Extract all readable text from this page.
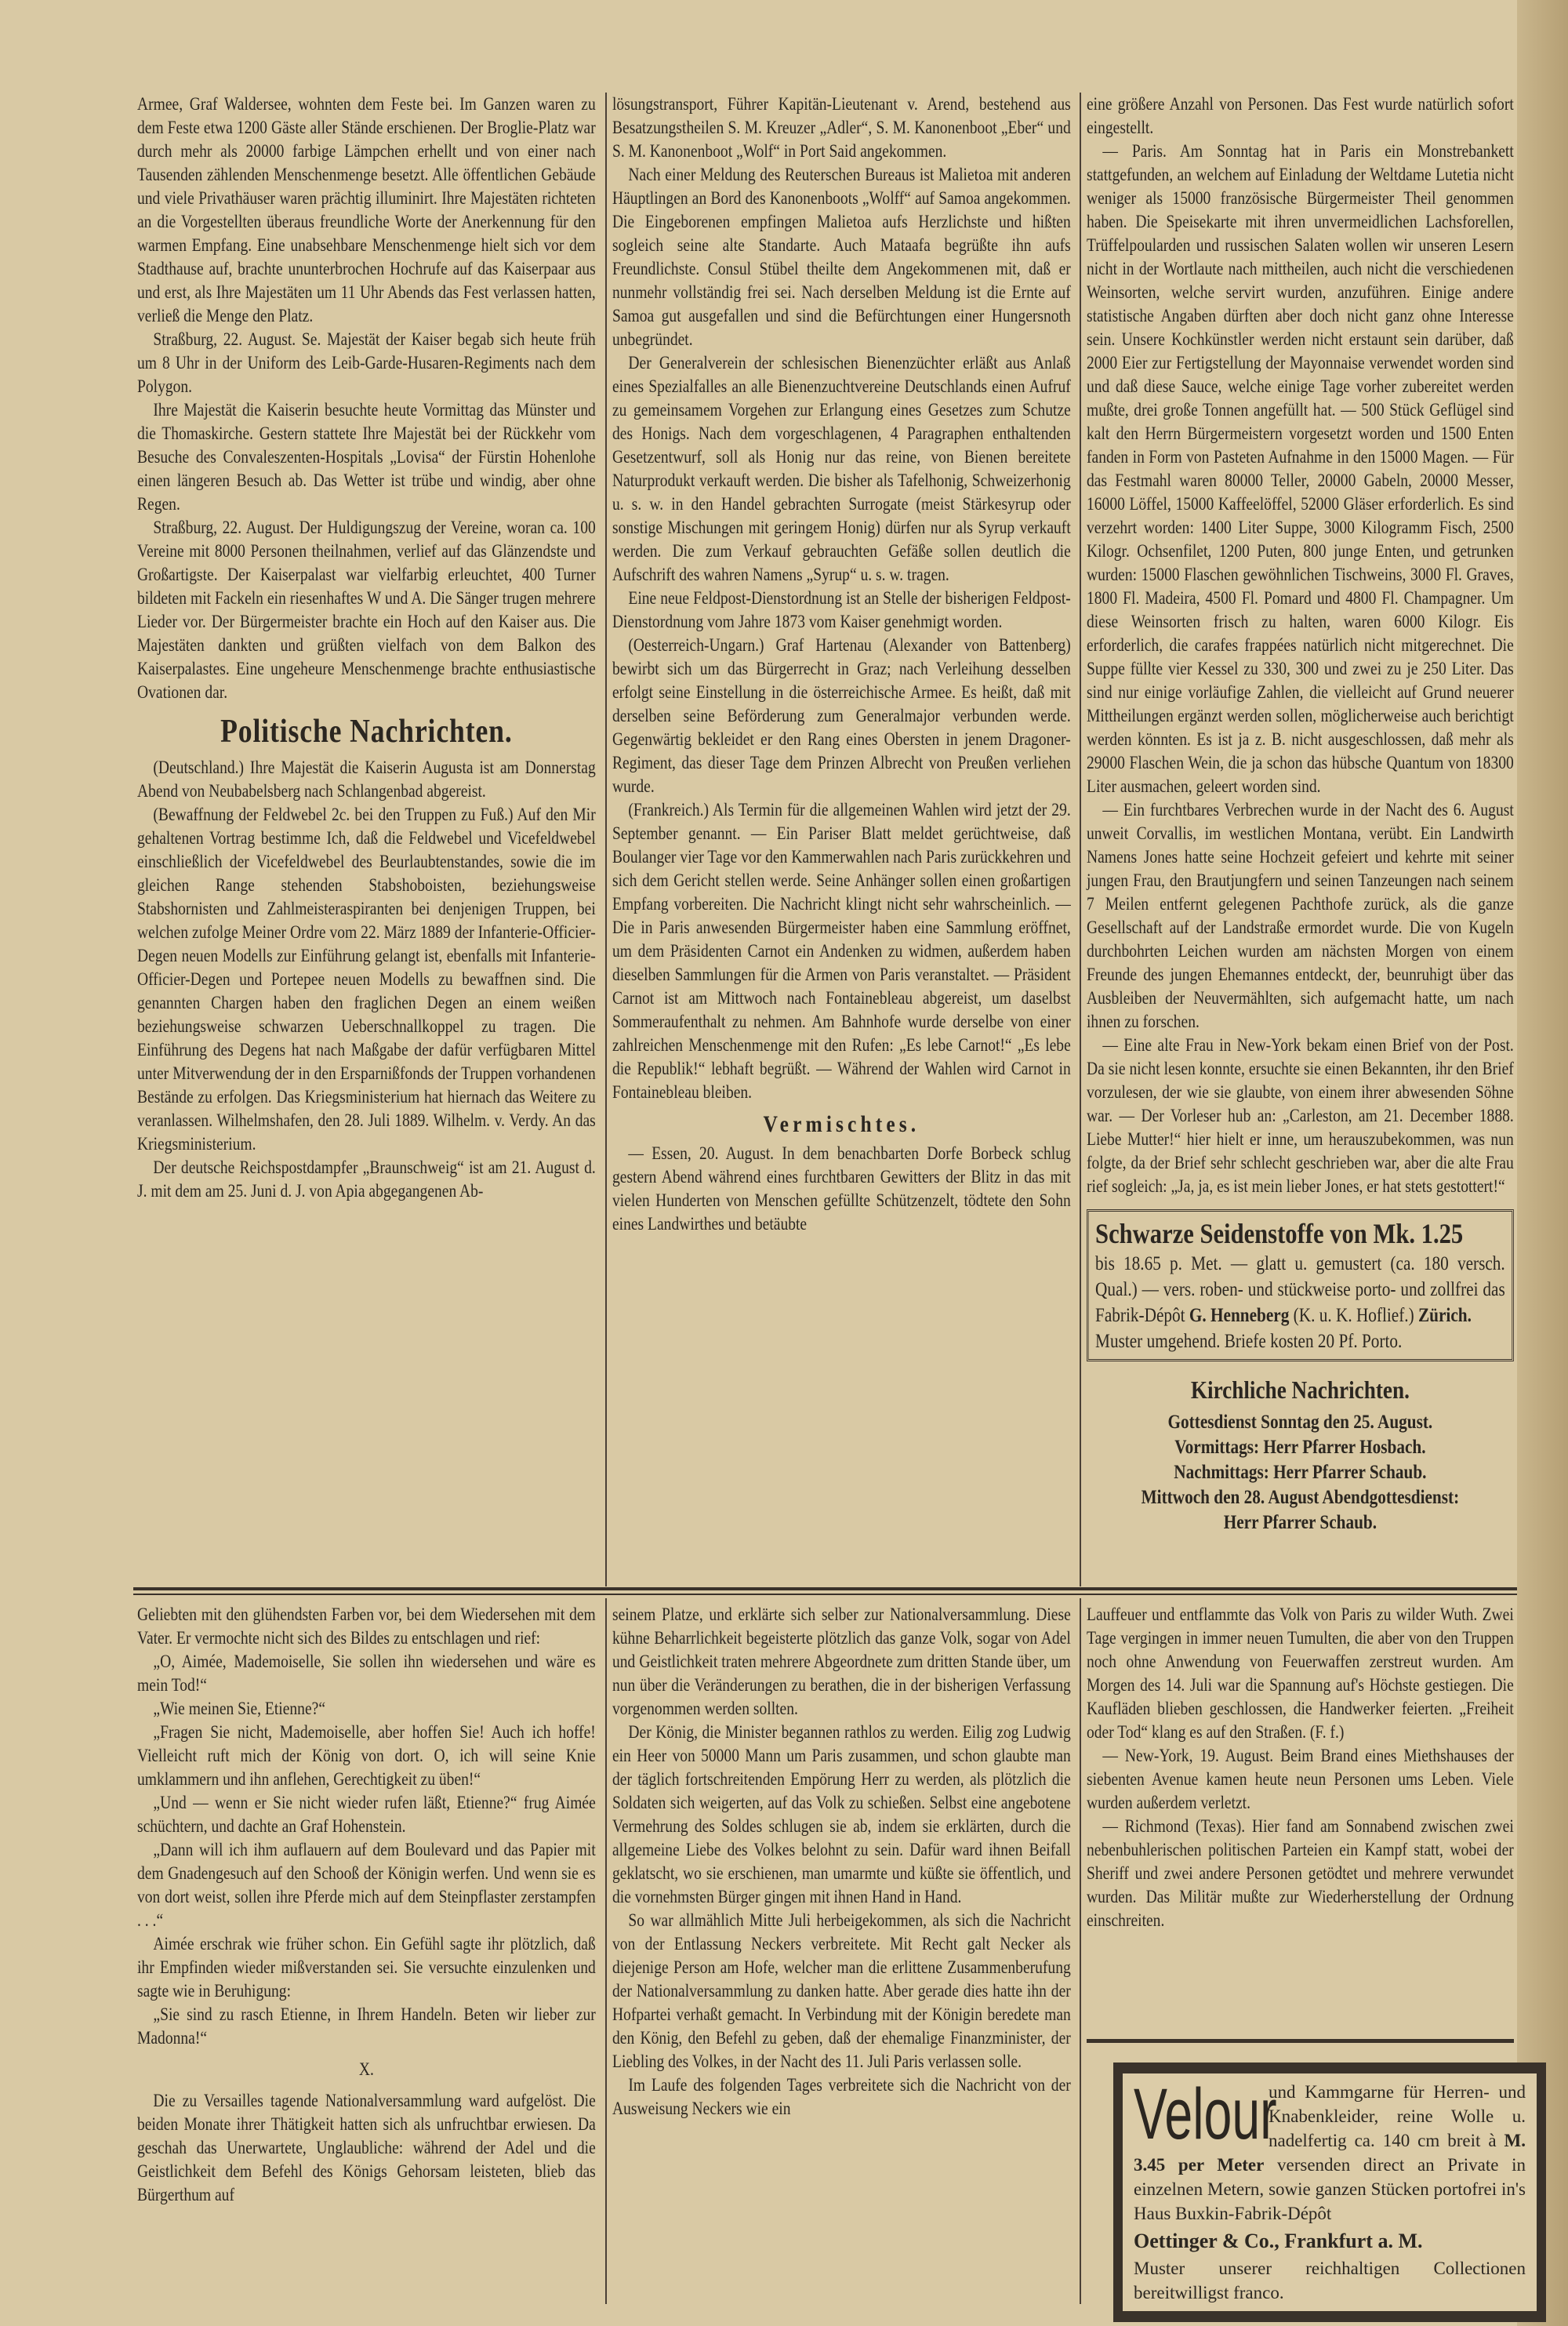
Armee, Graf Waldersee, wohnten dem Feste bei. Im Ganzen waren zu dem Feste etwa 1200 Gäste aller Stände erschienen. Der Broglie-Platz war durch mehr als 20000 farbige Lämpchen erhellt und von einer nach Tausenden zählenden Menschenmenge besetzt. Alle öffentlichen Gebäude und viele Privathäuser waren prächtig illuminirt. Ihre Majestäten richteten an die Vorgestellten überaus freundliche Worte der Anerkennung für den warmen Empfang. Eine unabsehbare Menschenmenge hielt sich vor dem Stadthause auf, brachte ununterbrochen Hochrufe auf das Kaiserpaar aus und erst, als Ihre Majestäten um 11 Uhr Abends das Fest verlassen hatten, verließ die Menge den Platz.

Straßburg, 22. August. Se. Majestät der Kaiser begab sich heute früh um 8 Uhr in der Uniform des Leib-Garde-Husaren-Regiments nach dem Polygon.

Ihre Majestät die Kaiserin besuchte heute Vormittag das Münster und die Thomaskirche. Gestern stattete Ihre Majestät bei der Rückkehr vom Besuche des Convaleszenten-Hospitals „Lovisa“ der Fürstin Hohenlohe einen längeren Besuch ab. Das Wetter ist trübe und windig, aber ohne Regen.

Straßburg, 22. August. Der Huldigungszug der Vereine, woran ca. 100 Vereine mit 8000 Personen theilnahmen, verlief auf das Glänzendste und Großartigste. Der Kaiserpalast war vielfarbig erleuchtet, 400 Turner bildeten mit Fackeln ein riesenhaftes W und A. Die Sänger trugen mehrere Lieder vor. Der Bürgermeister brachte ein Hoch auf den Kaiser aus. Die Majestäten dankten und grüßten vielfach von dem Balkon des Kaiserpalastes. Eine ungeheure Menschenmenge brachte enthusiastische Ovationen dar.

Politische Nachrichten.

(Deutschland.) Ihre Majestät die Kaiserin Augusta ist am Donnerstag Abend von Neubabelsberg nach Schlangenbad abgereist.

(Bewaffnung der Feldwebel 2c. bei den Truppen zu Fuß.) Auf den Mir gehaltenen Vortrag bestimme Ich, daß die Feldwebel und Vicefeldwebel einschließlich der Vicefeldwebel des Beurlaubtenstandes, sowie die im gleichen Range stehenden Stabshoboisten, beziehungsweise Stabshornisten und Zahlmeisteraspiranten bei denjenigen Truppen, bei welchen zufolge Meiner Ordre vom 22. März 1889 der Infanterie-Officier-Degen neuen Modells zur Einführung gelangt ist, ebenfalls mit Infanterie-Officier-Degen und Portepee neuen Modells zu bewaffnen sind. Die genannten Chargen haben den fraglichen Degen an einem weißen beziehungsweise schwarzen Ueberschnallkoppel zu tragen. Die Einführung des Degens hat nach Maßgabe der dafür verfügbaren Mittel unter Mitverwendung der in den Ersparnißfonds der Truppen vorhandenen Bestände zu erfolgen. Das Kriegsministerium hat hiernach das Weitere zu veranlassen. Wilhelmshafen, den 28. Juli 1889. Wilhelm. v. Verdy. An das Kriegsministerium.

Der deutsche Reichspostdampfer „Braunschweig“ ist am 21. August d. J. mit dem am 25. Juni d. J. von Apia abgegangenen Ab-

lösungstransport, Führer Kapitän-Lieutenant v. Arend, bestehend aus Besatzungstheilen S. M. Kreuzer „Adler“, S. M. Kanonenboot „Eber“ und S. M. Kanonenboot „Wolf“ in Port Said angekommen.

Nach einer Meldung des Reuterschen Bureaus ist Malietoa mit anderen Häuptlingen an Bord des Kanonenboots „Wolff“ auf Samoa angekommen. Die Eingeborenen empfingen Malietoa aufs Herzlichste und hißten sogleich seine alte Standarte. Auch Mataafa begrüßte ihn aufs Freundlichste. Consul Stübel theilte dem Angekommenen mit, daß er nunmehr vollständig frei sei. Nach derselben Meldung ist die Ernte auf Samoa gut ausgefallen und sind die Befürchtungen einer Hungersnoth unbegründet.

Der Generalverein der schlesischen Bienenzüchter erläßt aus Anlaß eines Spezialfalles an alle Bienenzuchtvereine Deutschlands einen Aufruf zu gemeinsamem Vorgehen zur Erlangung eines Gesetzes zum Schutze des Honigs. Nach dem vorgeschlagenen, 4 Paragraphen enthaltenden Gesetzentwurf, soll als Honig nur das reine, von Bienen bereitete Naturprodukt verkauft werden. Die bisher als Tafelhonig, Schweizerhonig u. s. w. in den Handel gebrachten Surrogate (meist Stärkesyrup oder sonstige Mischungen mit geringem Honig) dürfen nur als Syrup verkauft werden. Die zum Verkauf gebrauchten Gefäße sollen deutlich die Aufschrift des wahren Namens „Syrup“ u. s. w. tragen.

Eine neue Feldpost-Dienstordnung ist an Stelle der bisherigen Feldpost-Dienstordnung vom Jahre 1873 vom Kaiser genehmigt worden.

(Oesterreich-Ungarn.) Graf Hartenau (Alexander von Battenberg) bewirbt sich um das Bürgerrecht in Graz; nach Verleihung desselben erfolgt seine Einstellung in die österreichische Armee. Es heißt, daß mit derselben seine Beförderung zum Generalmajor verbunden werde. Gegenwärtig bekleidet er den Rang eines Obersten in jenem Dragoner-Regiment, das dieser Tage dem Prinzen Albrecht von Preußen verliehen wurde.

(Frankreich.) Als Termin für die allgemeinen Wahlen wird jetzt der 29. September genannt. — Ein Pariser Blatt meldet gerüchtweise, daß Boulanger vier Tage vor den Kammerwahlen nach Paris zurückkehren und sich dem Gericht stellen werde. Seine Anhänger sollen einen großartigen Empfang vorbereiten. Die Nachricht klingt nicht sehr wahrscheinlich. — Die in Paris anwesenden Bürgermeister haben eine Sammlung eröffnet, um dem Präsidenten Carnot ein Andenken zu widmen, außerdem haben dieselben Sammlungen für die Armen von Paris veranstaltet. — Präsident Carnot ist am Mittwoch nach Fontainebleau abgereist, um daselbst Sommeraufenthalt zu nehmen. Am Bahnhofe wurde derselbe von einer zahlreichen Menschenmenge mit den Rufen: „Es lebe Carnot!“ „Es lebe die Republik!“ lebhaft begrüßt. — Während der Wahlen wird Carnot in Fontainebleau bleiben.

Vermischtes.

— Essen, 20. August. In dem benachbarten Dorfe Borbeck schlug gestern Abend während eines furchtbaren Gewitters der Blitz in das mit vielen Hunderten von Menschen gefüllte Schützenzelt, tödtete den Sohn eines Landwirthes und betäubte

eine größere Anzahl von Personen. Das Fest wurde natürlich sofort eingestellt.

— Paris. Am Sonntag hat in Paris ein Monstrebankett stattgefunden, an welchem auf Einladung der Weltdame Lutetia nicht weniger als 15000 französische Bürgermeister Theil genommen haben. Die Speisekarte mit ihren unvermeidlichen Lachsforellen, Trüffelpoularden und russischen Salaten wollen wir unseren Lesern nicht in der Wortlaute nach mittheilen, auch nicht die verschiedenen Weinsorten, welche servirt wurden, anzuführen. Einige andere statistische Angaben dürften aber doch nicht ganz ohne Interesse sein. Unsere Kochkünstler werden nicht erstaunt sein darüber, daß 2000 Eier zur Fertigstellung der Mayonnaise verwendet worden sind und daß diese Sauce, welche einige Tage vorher zubereitet werden mußte, drei große Tonnen angefüllt hat. — 500 Stück Geflügel sind kalt den Herrn Bürgermeistern vorgesetzt worden und 1500 Enten fanden in Form von Pasteten Aufnahme in den 15000 Magen. — Für das Festmahl waren 80000 Teller, 20000 Gabeln, 20000 Messer, 16000 Löffel, 15000 Kaffeelöffel, 52000 Gläser erforderlich. Es sind verzehrt worden: 1400 Liter Suppe, 3000 Kilogramm Fisch, 2500 Kilogr. Ochsenfilet, 1200 Puten, 800 junge Enten, und getrunken wurden: 15000 Flaschen gewöhnlichen Tischweins, 3000 Fl. Graves, 1800 Fl. Madeira, 4500 Fl. Pomard und 4800 Fl. Champagner. Um diese Weinsorten frisch zu halten, waren 6000 Kilogr. Eis erforderlich, die carafes frappées natürlich nicht mitgerechnet. Die Suppe füllte vier Kessel zu 330, 300 und zwei zu je 250 Liter. Das sind nur einige vorläufige Zahlen, die vielleicht auf Grund neuerer Mittheilungen ergänzt werden sollen, möglicherweise auch berichtigt werden könnten. Es ist ja z. B. nicht ausgeschlossen, daß mehr als 29000 Flaschen Wein, die ja schon das hübsche Quantum von 18300 Liter ausmachen, geleert worden sind.

— Ein furchtbares Verbrechen wurde in der Nacht des 6. August unweit Corvallis, im westlichen Montana, verübt. Ein Landwirth Namens Jones hatte seine Hochzeit gefeiert und kehrte mit seiner jungen Frau, den Brautjungfern und seinen Tanzeungen nach seinem 7 Meilen entfernt gelegenen Pachthofe zurück, als die ganze Gesellschaft auf der Landstraße ermordet wurde. Die von Kugeln durchbohrten Leichen wurden am nächsten Morgen von einem Freunde des jungen Ehemannes entdeckt, der, beunruhigt über das Ausbleiben der Neuvermählten, sich aufgemacht hatte, um nach ihnen zu forschen.

— Eine alte Frau in New-York bekam einen Brief von der Post. Da sie nicht lesen konnte, ersuchte sie einen Bekannten, ihr den Brief vorzulesen, der wie sie glaubte, von einem ihrer abwesenden Söhne war. — Der Vorleser hub an: „Carleston, am 21. December 1888. Liebe Mutter!“ hier hielt er inne, um herauszubekommen, was nun folgte, da der Brief sehr schlecht geschrieben war, aber die alte Frau rief sogleich: „Ja, ja, es ist mein lieber Jones, er hat stets gestottert!“

Schwarze Seidenstoffe von Mk. 1.25
bis 18.65 p. Met. — glatt u. gemustert (ca. 180 versch. Qual.) — vers. roben- und stückweise porto- und zollfrei das Fabrik-Dépôt G. Henneberg (K. u. K. Hoflief.) Zürich.
Muster umgehend. Briefe kosten 20 Pf. Porto.
Kirchliche Nachrichten.
Gottesdienst Sonntag den 25. August.
Vormittags: Herr Pfarrer Hosbach.
Nachmittags: Herr Pfarrer Schaub.
Mittwoch den 28. August Abendgottesdienst:
Herr Pfarrer Schaub.

Geliebten mit den glühendsten Farben vor, bei dem Wiedersehen mit dem Vater. Er vermochte nicht sich des Bildes zu entschlagen und rief:

„O, Aimée, Mademoiselle, Sie sollen ihn wiedersehen und wäre es mein Tod!“

„Wie meinen Sie, Etienne?“

„Fragen Sie nicht, Mademoiselle, aber hoffen Sie! Auch ich hoffe! Vielleicht ruft mich der König von dort. O, ich will seine Knie umklammern und ihn anflehen, Gerechtigkeit zu üben!“

„Und — wenn er Sie nicht wieder rufen läßt, Etienne?“ frug Aimée schüchtern, und dachte an Graf Hohenstein.

„Dann will ich ihm auflauern auf dem Boulevard und das Papier mit dem Gnadengesuch auf den Schooß der Königin werfen. Und wenn sie es von dort weist, sollen ihre Pferde mich auf dem Steinpflaster zerstampfen . . .“

Aimée erschrak wie früher schon. Ein Gefühl sagte ihr plötzlich, daß ihr Empfinden wieder mißverstanden sei. Sie versuchte einzulenken und sagte wie in Beruhigung:

„Sie sind zu rasch Etienne, in Ihrem Handeln. Beten wir lieber zur Madonna!“

X.

Die zu Versailles tagende Nationalversammlung ward aufgelöst. Die beiden Monate ihrer Thätigkeit hatten sich als unfruchtbar erwiesen. Da geschah das Unerwartete, Unglaubliche: während der Adel und die Geistlichkeit dem Befehl des Königs Gehorsam leisteten, blieb das Bürgerthum auf

seinem Platze, und erklärte sich selber zur Nationalversammlung. Diese kühne Beharrlichkeit begeisterte plötzlich das ganze Volk, sogar von Adel und Geistlichkeit traten mehrere Abgeordnete zum dritten Stande über, um nun über die Veränderungen zu berathen, die in der bisherigen Verfassung vorgenommen werden sollten.

Der König, die Minister begannen rathlos zu werden. Eilig zog Ludwig ein Heer von 50000 Mann um Paris zusammen, und schon glaubte man der täglich fortschreitenden Empörung Herr zu werden, als plötzlich die Soldaten sich weigerten, auf das Volk zu schießen. Selbst eine angebotene Vermehrung des Soldes schlugen sie ab, indem sie erklärten, durch die allgemeine Liebe des Volkes belohnt zu sein. Dafür ward ihnen Beifall geklatscht, wo sie erschienen, man umarmte und küßte sie öffentlich, und die vornehmsten Bürger gingen mit ihnen Hand in Hand.

So war allmählich Mitte Juli herbeigekommen, als sich die Nachricht von der Entlassung Neckers verbreitete. Mit Recht galt Necker als diejenige Person am Hofe, welcher man die erlittene Zusammenberufung der Nationalversammlung zu danken hatte. Aber gerade dies hatte ihn der Hofpartei verhaßt gemacht. In Verbindung mit der Königin beredete man den König, den Befehl zu geben, daß der ehemalige Finanzminister, der Liebling des Volkes, in der Nacht des 11. Juli Paris verlassen solle.

Im Laufe des folgenden Tages verbreitete sich die Nachricht von der Ausweisung Neckers wie ein

Lauffeuer und entflammte das Volk von Paris zu wilder Wuth. Zwei Tage vergingen in immer neuen Tumulten, die aber von den Truppen noch ohne Anwendung von Feuerwaffen zerstreut wurden. Am Morgen des 14. Juli war die Spannung auf's Höchste gestiegen. Die Kaufläden blieben geschlossen, die Handwerker feierten. „Freiheit oder Tod“ klang es auf den Straßen. (F. f.)

— New-York, 19. August. Beim Brand eines Miethshauses der siebenten Avenue kamen heute neun Personen ums Leben. Viele wurden außerdem verletzt.

— Richmond (Texas). Hier fand am Sonnabend zwischen zwei nebenbuhlerischen politischen Parteien ein Kampf statt, wobei der Sheriff und zwei andere Personen getödtet und mehrere verwundet wurden. Das Militär mußte zur Wiederherstellung der Ordnung einschreiten.

Velour
und Kammgarne für Herren- und Knabenkleider, reine Wolle u. nadelfertig ca. 140 cm breit à M. 3.45 per Meter versenden direct an Private in einzelnen Metern, sowie ganzen Stücken portofrei in's Haus Buxkin-Fabrik-Dépôt
Oettinger & Co., Frankfurt a. M.
Muster unserer reichhaltigen Collectionen bereitwilligst franco.
